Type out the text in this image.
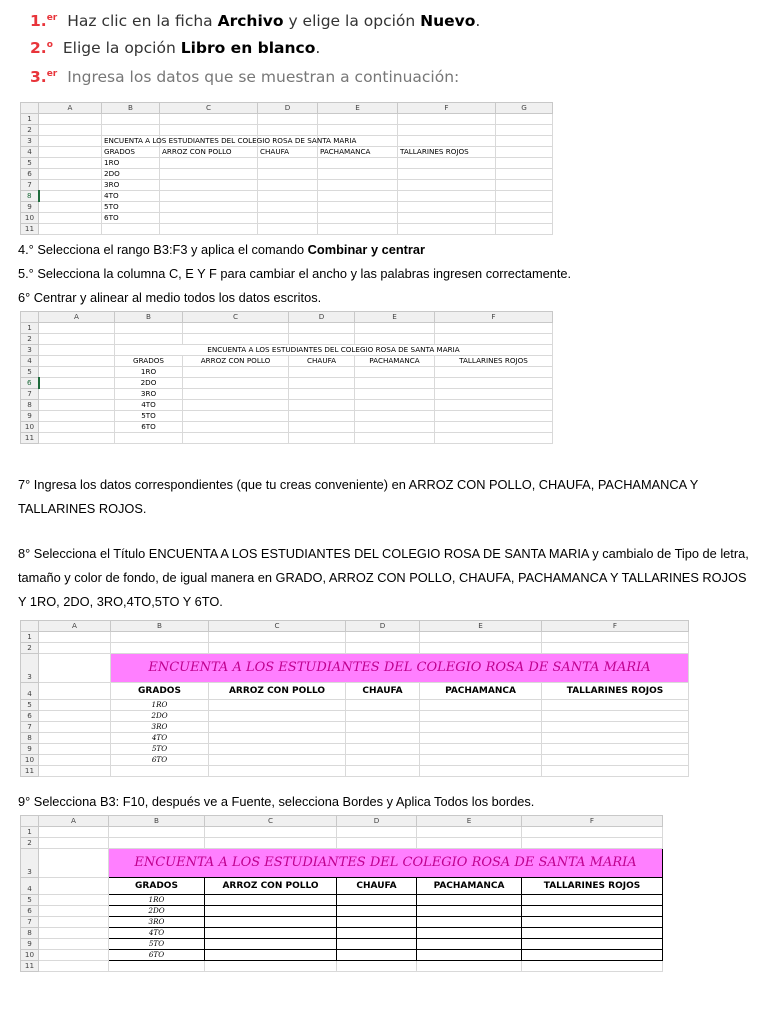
1.$^{er}$ Haz clic en la ficha Archivo y elige la opción Nuevo.
2.$^o$ Elige la opción Libro en blanco.
3.$^{er}$ Ingresa los datos que se muestran a continuación:
	A	B	C	D	E	F	G
1							
2							
3		ENCUENTA A LOS ESTUDIANTES DEL COLEGIO ROSA DE SANTA MARIA					
4		GRADOS	ARROZ CON POLLO	CHAUFA	PACHAMANCA	TALLARINES ROJOS	
5		1RO					
6		2DO					
7		3RO					
8		4TO					
9		5TO					
10		6TO					
11							
4.° Selecciona el rango B3:F3 y aplica el comando Combinar y centrar
5.° Selecciona la columna C, E Y F para cambiar el ancho y las palabras ingresen correctamente.
6° Centrar y alinear al medio todos los datos escritos.
	A	B	C	D	E	F
1						
2						
3		ENCUENTA A LOS ESTUDIANTES DEL COLEGIO ROSA DE SANTA MARIA				
4		GRADOS	ARROZ CON POLLO	CHAUFA	PACHAMANCA	TALLARINES ROJOS
5		1RO				
6		2DO				
7		3RO				
8		4TO				
9		5TO				
10		6TO				
11						
7° Ingresa los datos correspondientes (que tu creas conveniente) en ARROZ CON POLLO, CHAUFA, PACHAMANCA Y TALLARINES ROJOS.
8° Selecciona el Título ENCUENTA A LOS ESTUDIANTES DEL COLEGIO ROSA DE SANTA MARIA y cambialo de Tipo de letra, tamaño y color de fondo, de igual manera en GRADO, ARROZ CON POLLO, CHAUFA, PACHAMANCA Y TALLARINES ROJOS Y 1RO, 2DO, 3RO,4TO,5TO Y 6TO.
	A	B	C	D	E	F
1						
2						
3		ENCUENTA A LOS ESTUDIANTES DEL COLEGIO ROSA DE SANTA MARIA				
4		GRADOS	ARROZ CON POLLO	CHAUFA	PACHAMANCA	TALLARINES ROJOS
5		1RO				
6		2DO				
7		3RO				
8		4TO				
9		5TO				
10		6TO				
11						
9° Selecciona B3: F10, después ve a Fuente, selecciona Bordes y Aplica Todos los bordes.
	A	B	C	D	E	F
1						
2						
3		ENCUENTA A LOS ESTUDIANTES DEL COLEGIO ROSA DE SANTA MARIA				
4		GRADOS	ARROZ CON POLLO	CHAUFA	PACHAMANCA	TALLARINES ROJOS
5		1RO				
6		2DO				
7		3RO				
8		4TO				
9		5TO				
10		6TO				
11						
